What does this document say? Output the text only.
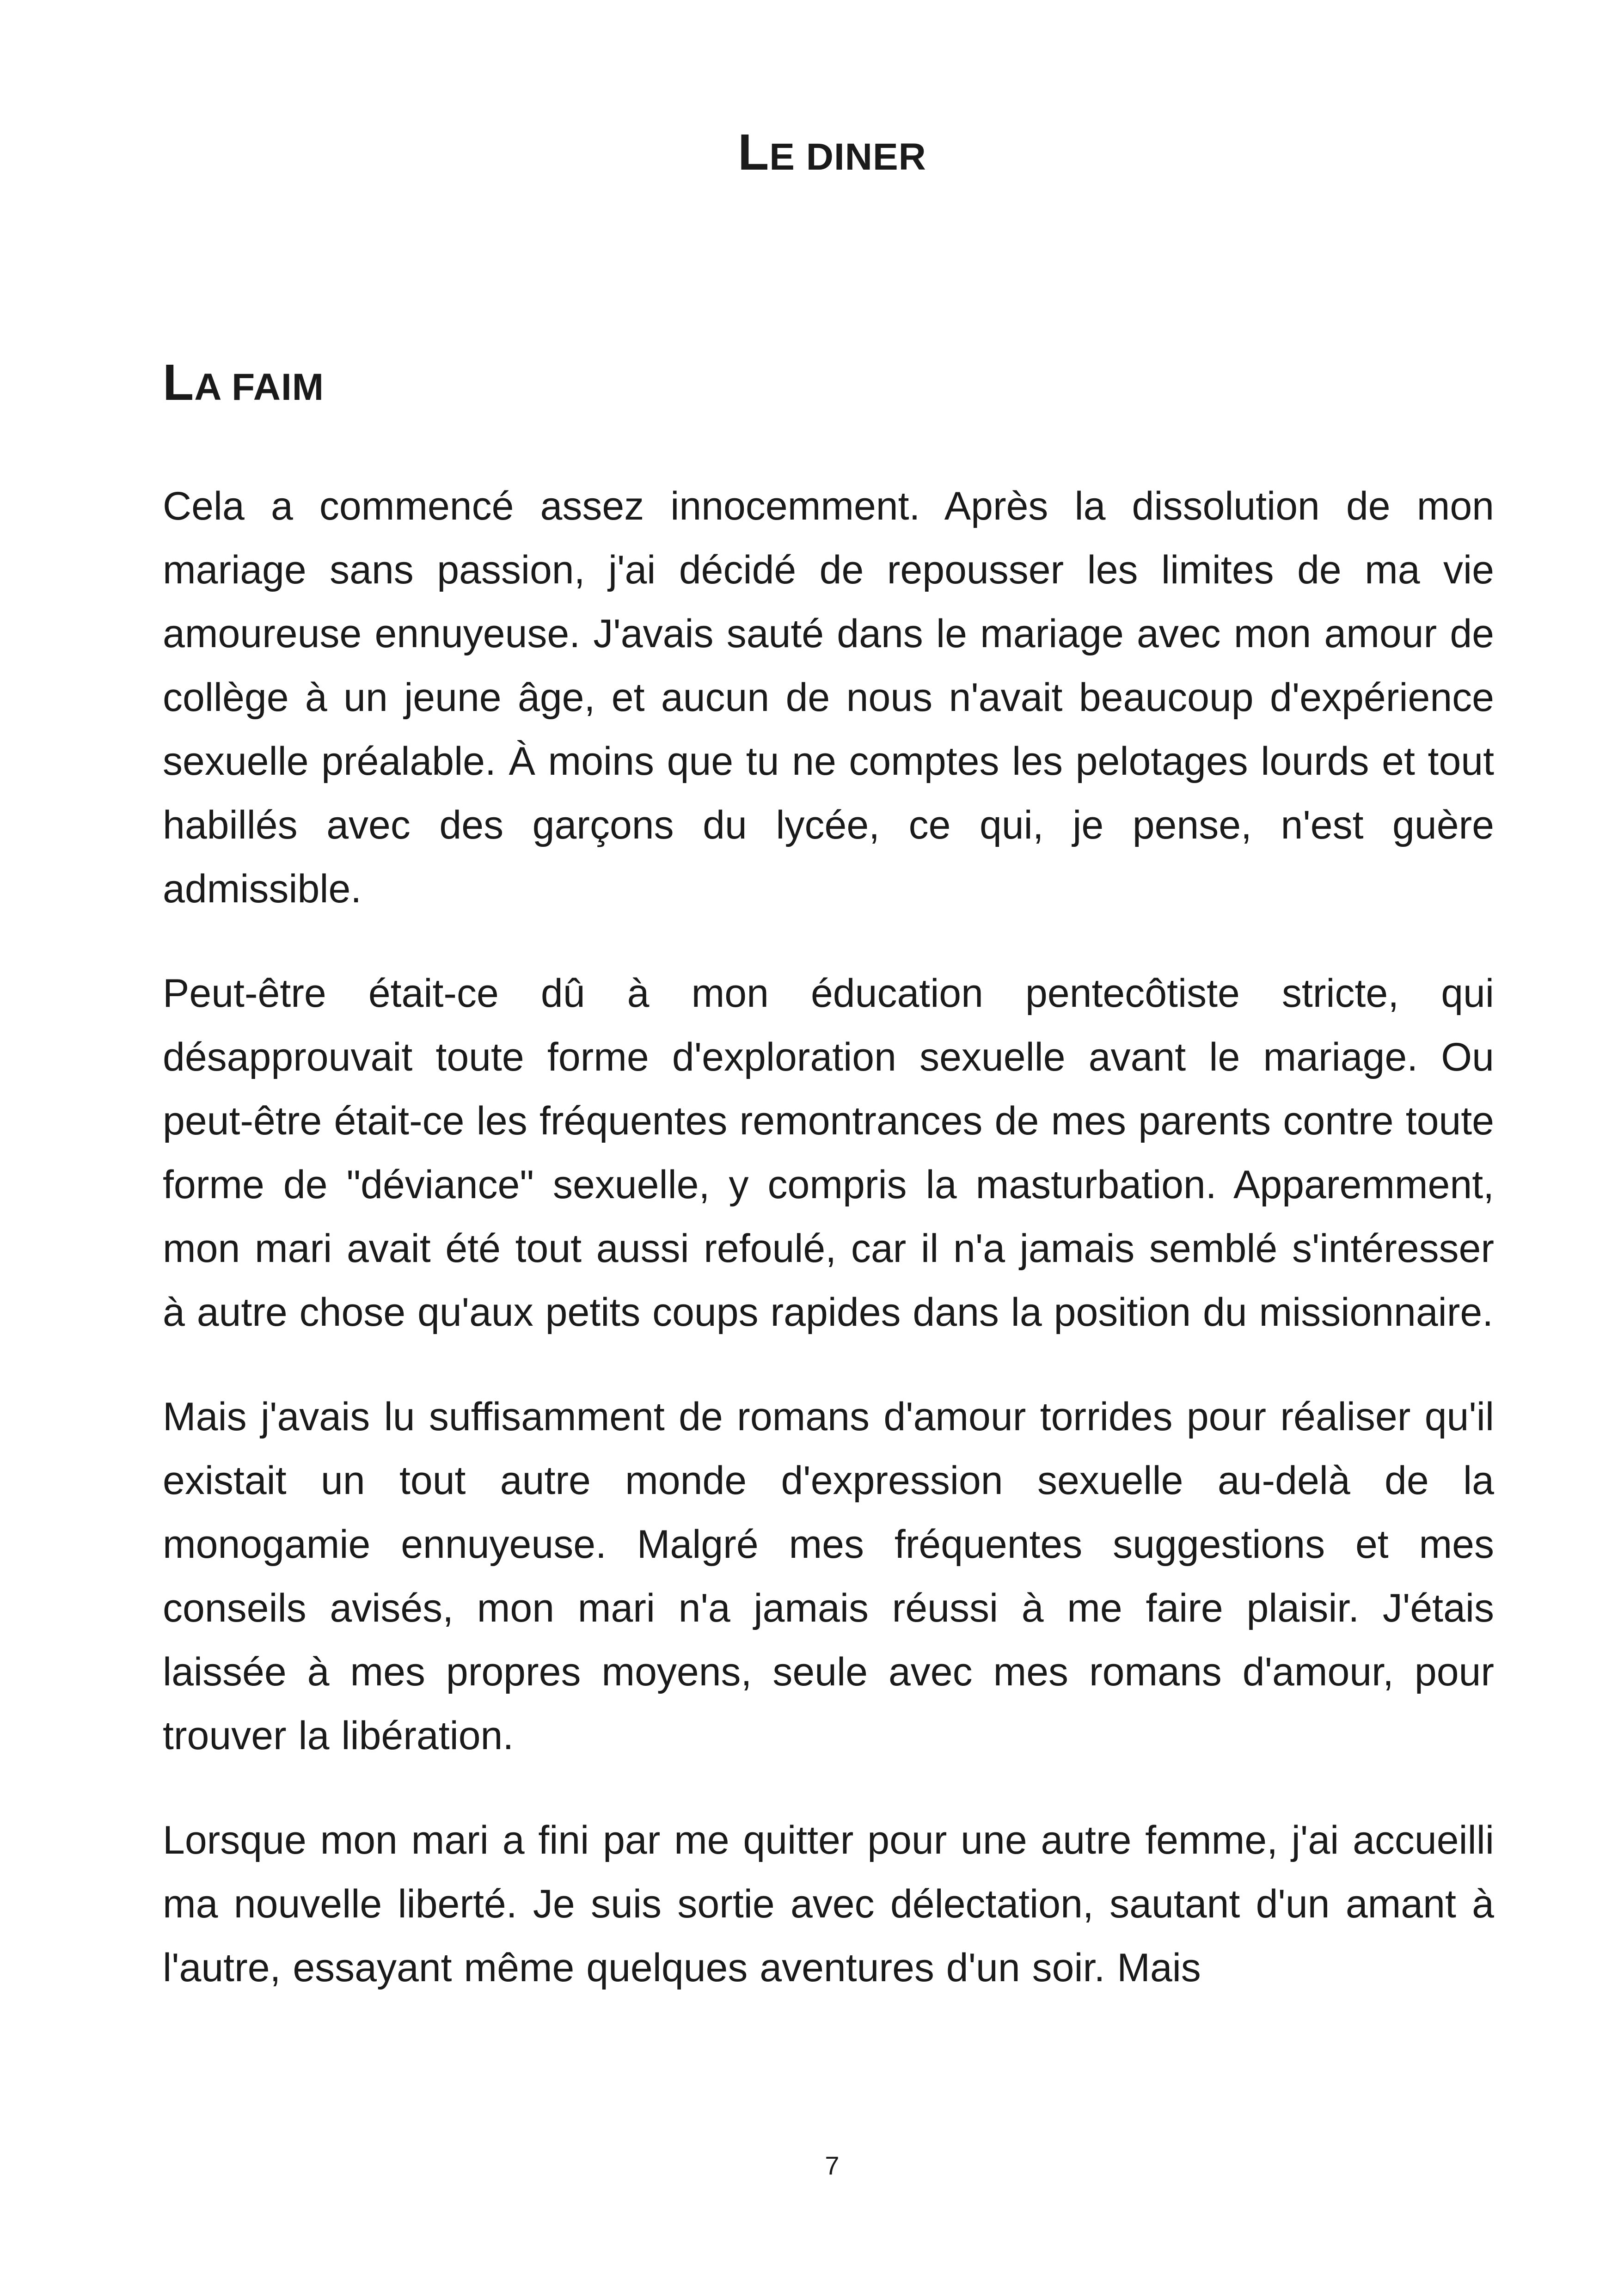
LE DINER
LA FAIM

Cela a commencé assez innocemment. Après la dissolution de mon mariage sans passion, j'ai décidé de repousser les limites de ma vie amoureuse ennuyeuse. J'avais sauté dans le mariage avec mon amour de collège à un jeune âge, et aucun de nous n'avait beaucoup d'expérience sexuelle préalable. À moins que tu ne comptes les pelotages lourds et tout habillés avec des garçons du lycée, ce qui, je pense, n'est guère admissible.

Peut-être était-ce dû à mon éducation pentecôtiste stricte, qui désapprouvait toute forme d'exploration sexuelle avant le mariage. Ou peut-être était-ce les fréquentes remontrances de mes parents contre toute forme de "déviance" sexuelle, y compris la masturbation. Apparemment, mon mari avait été tout aussi refoulé, car il n'a jamais semblé s'intéresser à autre chose qu'aux petits coups rapides dans la position du missionnaire.

Mais j'avais lu suffisamment de romans d'amour torrides pour réaliser qu'il existait un tout autre monde d'expression sexuelle au-delà de la monogamie ennuyeuse. Malgré mes fréquentes suggestions et mes conseils avisés, mon mari n'a jamais réussi à me faire plaisir. J'étais laissée à mes propres moyens, seule avec mes romans d'amour, pour trouver la libération.

Lorsque mon mari a fini par me quitter pour une autre femme, j'ai accueilli ma nouvelle liberté. Je suis sortie avec délectation, sautant d'un amant à l'autre, essayant même quelques aventures d'un soir. Mais

7
